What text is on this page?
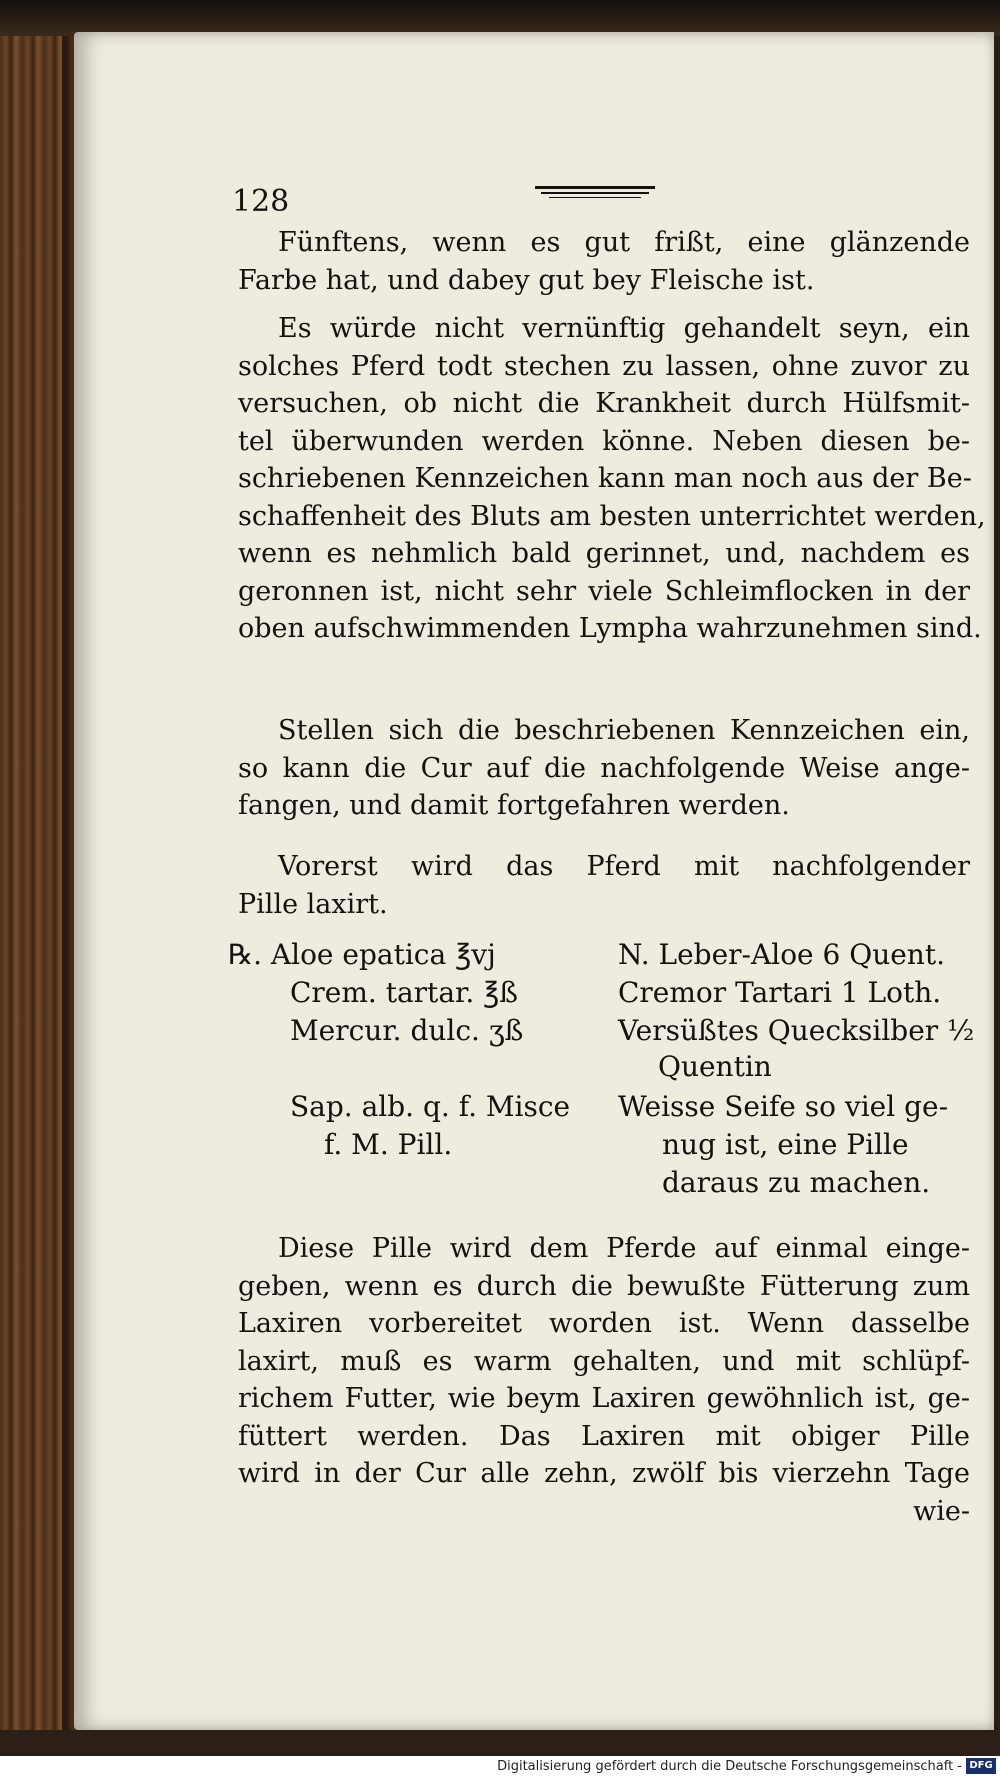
128
Fünftens, wenn es gut frißt, eine glänzende
Farbe hat, und dabey gut bey Fleische ist.
Es würde nicht vernünftig gehandelt seyn, ein
solches Pferd todt stechen zu lassen, ohne zuvor zu
versuchen, ob nicht die Krankheit durch Hülfsmit-
tel überwunden werden könne. Neben diesen be-
schriebenen Kennzeichen kann man noch aus der Be-
schaffenheit des Bluts am besten unterrichtet werden,
wenn es nehmlich bald gerinnet, und, nachdem es
geronnen ist, nicht sehr viele Schleimflocken in der
oben aufschwimmenden Lympha wahrzunehmen sind.
Stellen sich die beschriebenen Kennzeichen ein,
so kann die Cur auf die nachfolgende Weise ange-
fangen, und damit fortgefahren werden.
Vorerst wird das Pferd mit nachfolgender
Pille laxirt.
℞. Aloe epatica ℥vj
Crem. tartar. ℥ß
Mercur. dulc. ʒß
Sap. alb. q. f. Misce
f. M. Pill.
N. Leber-Aloe 6 Quent.
Cremor Tartari 1 Loth.
Versüßtes Quecksilber ½
Quentin
Weisse Seife so viel ge-
nug ist, eine Pille
daraus zu machen.
Diese Pille wird dem Pferde auf einmal einge-
geben, wenn es durch die bewußte Fütterung zum
Laxiren vorbereitet worden ist. Wenn dasselbe
laxirt, muß es warm gehalten, und mit schlüpf-
richem Futter, wie beym Laxiren gewöhnlich ist, ge-
füttert werden. Das Laxiren mit obiger Pille
wird in der Cur alle zehn, zwölf bis vierzehn Tage
wie-
Digitalisierung gefördert durch die Deutsche Forschungsgemeinschaft - DFG
